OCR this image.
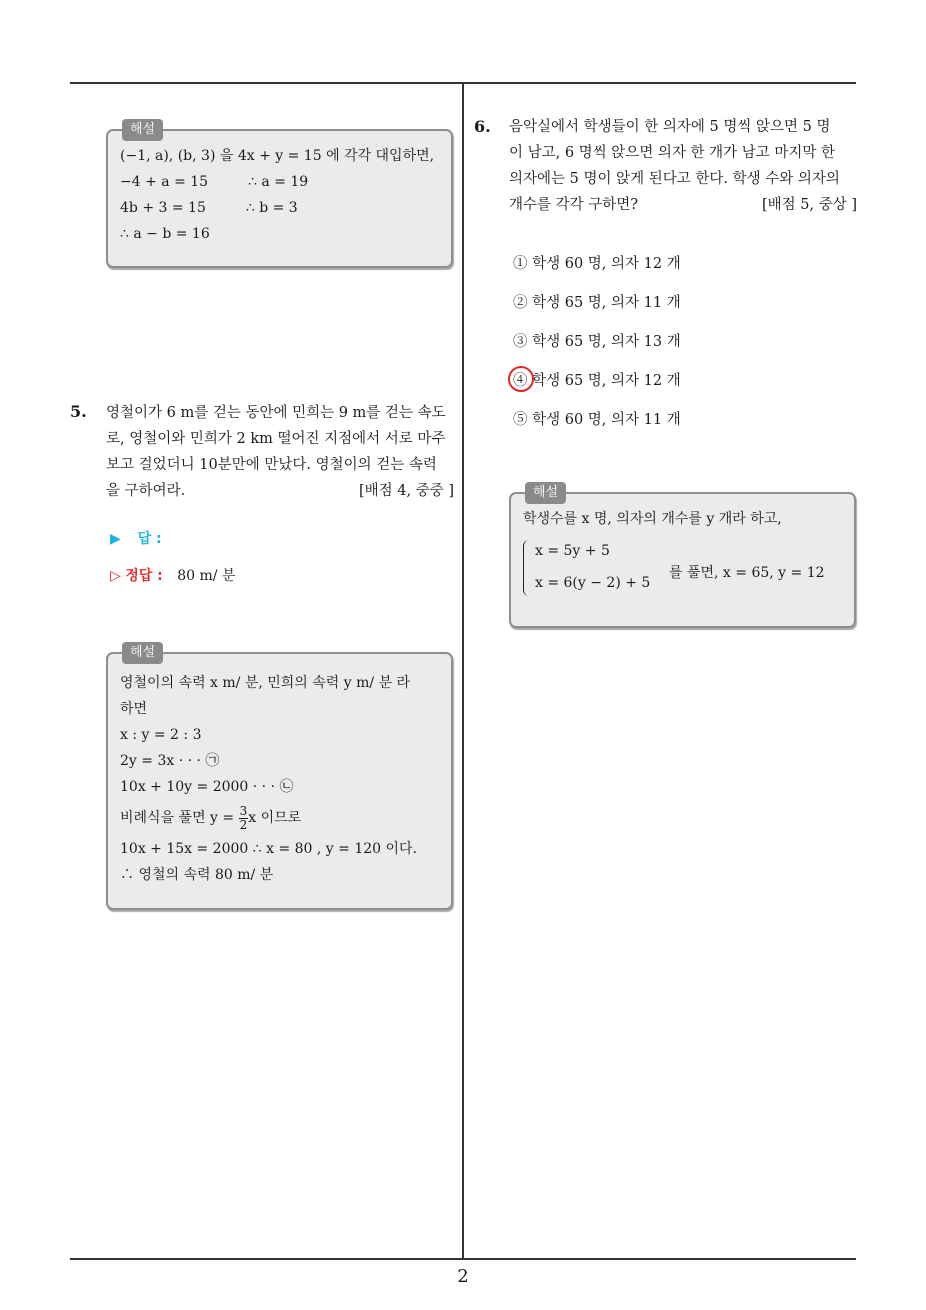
해설
(−1, a), (b, 3) 을 4x + y = 15 에 각각 대입하면,
−4 + a = 15	∴ a = 19
4b + 3 = 15	∴ b = 3
∴ a − b = 16
5. 영철이가 6 m를 걷는 동안에 민희는 9 m를 걷는 속도
로, 영철이와 민희가 2 km 떨어진 지점에서 서로 마주
보고 걸었더니 10분만에 만났다. 영철이의 걷는 속력
을 구하여라.	[배점 4, 중중 ]
▶ 답 :
▷ 정답 : 80 m/ 분
해설
영철이의 속력 x m/ 분, 민희의 속력 y m/ 분 라
하면
x : y = 2 : 3
2y = 3x · · · ㉠
10x + 10y = 2000 · · · ㉡
비례식을 풀면 $y = \frac{3}{2}$ x 이므로
10x + 15x = 2000 ∴ x = 80 , y = 120 이다.
∴ 영철의 속력 80 m/ 분
6. 음악실에서 학생들이 한 의자에 5 명씩 앉으면 5 명
이 남고, 6 명씩 앉으면 의자 한 개가 남고 마지막 한
의자에는 5 명이 앉게 된다고 한다. 학생 수와 의자의
개수를 각각 구하면?	[배점 5, 중상 ]
① 학생 60 명, 의자 12 개
② 학생 65 명, 의자 11 개
③ 학생 65 명, 의자 13 개
④ 학생 65 명, 의자 12 개
⑤ 학생 60 명, 의자 11 개
해설
학생수를 x 명, 의자의 개수를 y 개라 하고,
x = 5y + 5
x = 6(y − 2) + 5
를 풀면, x = 65, y = 12
2
